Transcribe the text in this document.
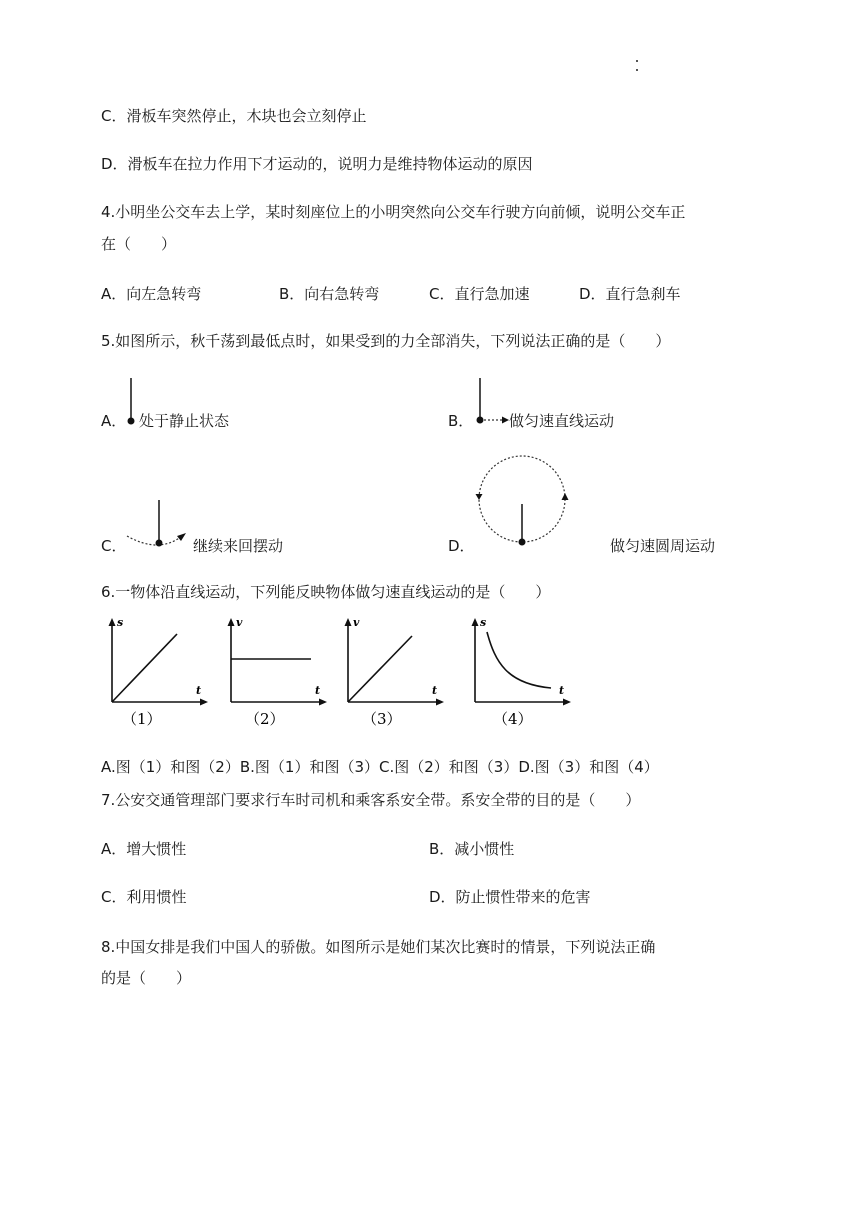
C．滑板车突然停止，木块也会立刻停止
D．滑板车在拉力作用下才运动的，说明力是维持物体运动的原因
4.小明坐公交车去上学，某时刻座位上的小明突然向公交车行驶方向前倾，说明公交车正
在（　　）
A．向左急转弯	B．向右急转弯	C．直行急加速	D．直行急刹车
5.如图所示，秋千荡到最低点时，如果受到的力全部消失，下列说法正确的是（　　）
A． 处于静止状态	B． 做匀速直线运动
C．	继续来回摆动	D．	做匀速圆周运动
6.一物体沿直线运动，下列能反映物体做匀速直线运动的是（　　）
s
t
（1）
v
t
（2）
v
t
（3）
s
t
（4）
A.图（1）和图（2）B.图（1）和图（3）C.图（2）和图（3）D.图（3）和图（4）
7.公安交通管理部门要求行车时司机和乘客系安全带。系安全带的目的是（　　）
A．增大惯性	B．减小惯性
C．利用惯性	D．防止惯性带来的危害
8.中国女排是我们中国人的骄傲。如图所示是她们某次比赛时的情景，下列说法正确
的是（　　）
